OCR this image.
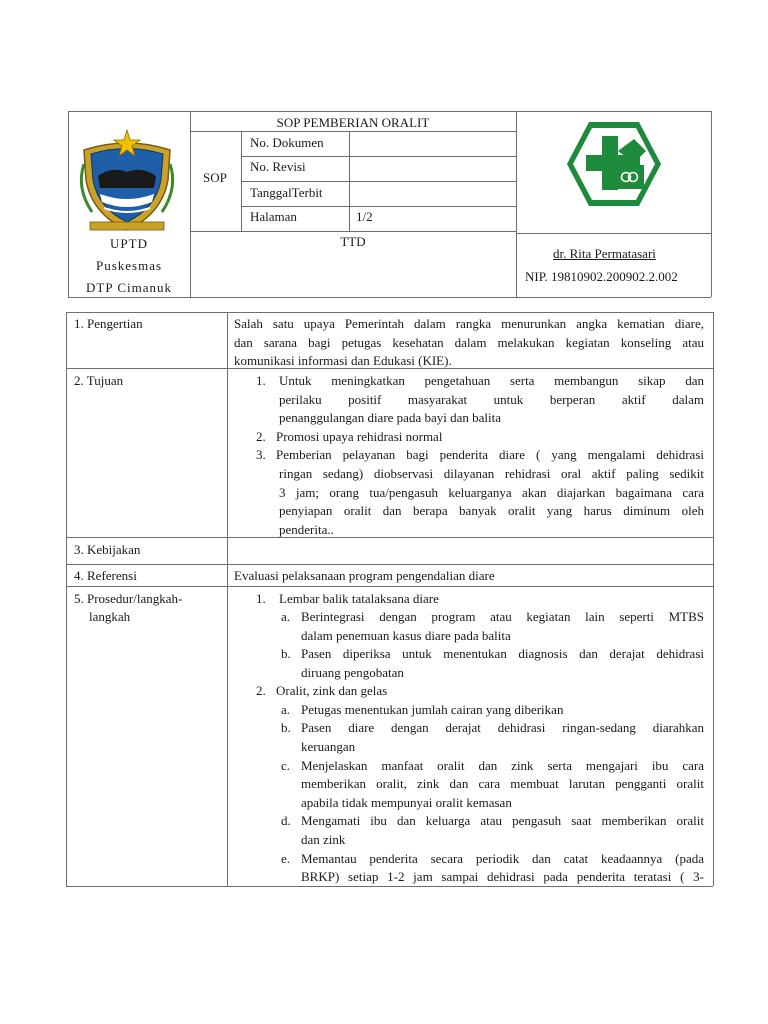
UPTD
Puskesmas
DTP Cimanuk
SOP PEMBERIAN ORALIT
SOP
No. Dokumen
No. Revisi
TanggalTerbit
Halaman	1/2
TTD
dr. Rita Permatasari
NIP. 19810902.200902.2.002
1. Pengertian	Salah satu upaya Pemerintah dalam rangka menurunkan angka kematian diare,
dan sarana bagi petugas kesehatan dalam melakukan kegiatan konseling atau
komunikasi informasi dan Edukasi (KIE).
2. Tujuan	1. Untuk meningkatkan pengetahuan serta membangun sikap dan
perilaku positif masyarakat untuk berperan aktif dalam
penanggulangan diare pada bayi dan balita
2. Promosi upaya rehidrasi normal
3. Pemberian pelayanan bagi penderita diare ( yang mengalami dehidrasi
ringan sedang) diobservasi dilayanan rehidrasi oral aktif paling sedikit
3 jam; orang tua/pengasuh keluarganya akan diajarkan bagaimana cara
penyiapan oralit dan berapa banyak oralit yang harus diminum oleh
penderita..
3. Kebijakan
4. Referensi	Evaluasi pelaksanaan program pengendalian diare
5. Prosedur/langkah-
langkah
1. Lembar balik tatalaksana diare
a. Berintegrasi dengan program atau kegiatan lain seperti MTBS
dalam penemuan kasus diare pada balita
b. Pasen diperiksa untuk menentukan diagnosis dan derajat dehidrasi
diruang pengobatan
2. Oralit, zink dan gelas
a. Petugas menentukan jumlah cairan yang diberikan
b. Pasen diare dengan derajat dehidrasi ringan-sedang diarahkan
keruangan
c. Menjelaskan manfaat oralit dan zink serta mengajari ibu cara
memberikan oralit, zink dan cara membuat larutan pengganti oralit
apabila tidak mempunyai oralit kemasan
d. Mengamati ibu dan keluarga atau pengasuh saat memberikan oralit
dan zink
e. Memantau penderita secara periodik dan catat keadaannya (pada
BRKP) setiap 1-2 jam sampai dehidrasi pada penderita teratasi ( 3-
